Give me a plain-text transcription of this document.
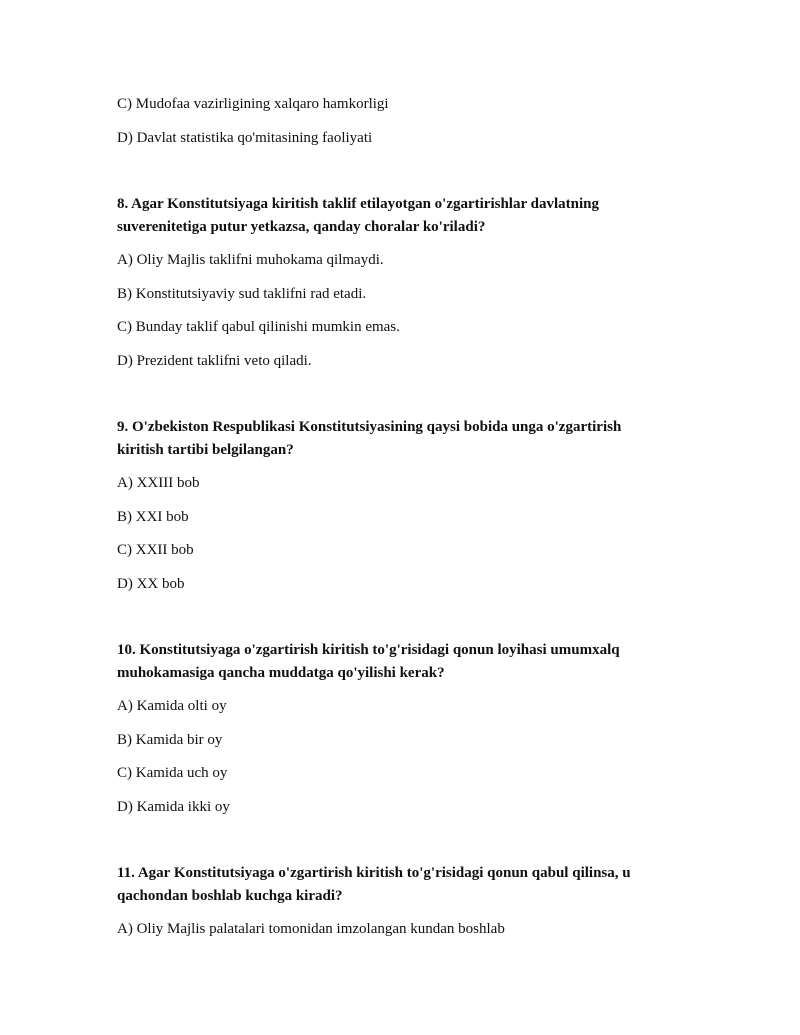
C) Mudofaa vazirligining xalqaro hamkorligi

D) Davlat statistika qo'mitasining faoliyati

8. Agar Konstitutsiyaga kiritish taklif etilayotgan o'zgartirishlar davlatning
suverenitetiga putur yetkazsa, qanday choralar ko'riladi?

A) Oliy Majlis taklifni muhokama qilmaydi.

B) Konstitutsiyaviy sud taklifni rad etadi.

C) Bunday taklif qabul qilinishi mumkin emas.

D) Prezident taklifni veto qiladi.

9. O'zbekiston Respublikasi Konstitutsiyasining qaysi bobida unga o'zgartirish
kiritish tartibi belgilangan?

A) XXIII bob

B) XXI bob

C) XXII bob

D) XX bob

10. Konstitutsiyaga o'zgartirish kiritish to'g'risidagi qonun loyihasi umumxalq
muhokamasiga qancha muddatga qo'yilishi kerak?

A) Kamida olti oy

B) Kamida bir oy

C) Kamida uch oy

D) Kamida ikki oy

11. Agar Konstitutsiyaga o'zgartirish kiritish to'g'risidagi qonun qabul qilinsa, u
qachondan boshlab kuchga kiradi?

A) Oliy Majlis palatalari tomonidan imzolangan kundan boshlab
